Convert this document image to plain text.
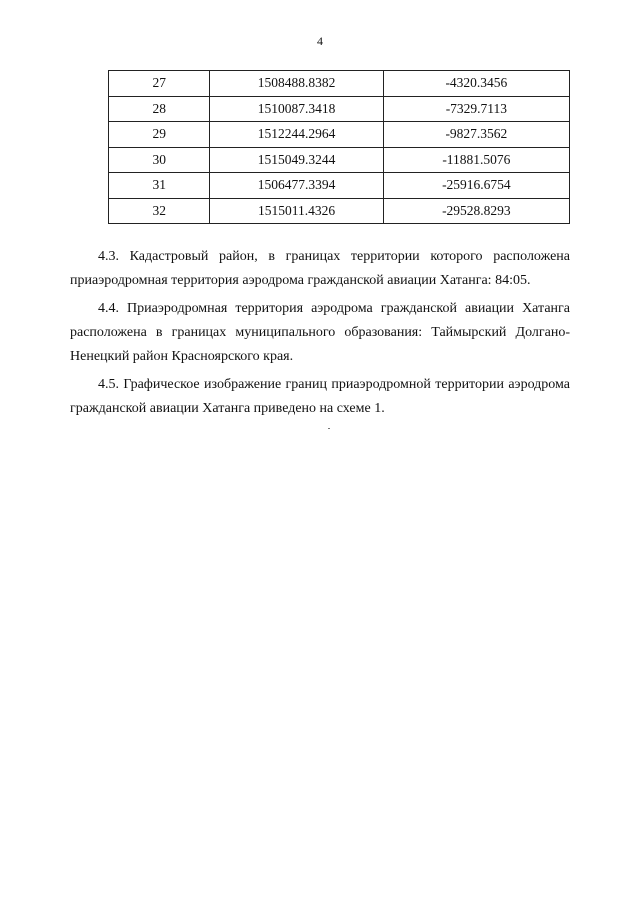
4
27	1508488.8382	-4320.3456
28	1510087.3418	-7329.7113
29	1512244.2964	-9827.3562
30	1515049.3244	-11881.5076
31	1506477.3394	-25916.6754
32	1515011.4326	-29528.8293
4.3. Кадастровый район, в границах территории которого расположена приаэродромная территория аэродрома гражданской авиации Хатанга: 84:05.
4.4. Приаэродромная территория аэродрома гражданской авиации Хатанга расположена в границах муниципального образования: Таймырский Долгано-Ненецкий район Красноярского края.
4.5. Графическое изображение границ приаэродромной территории аэродрома гражданской авиации Хатанга приведено на схеме 1.
